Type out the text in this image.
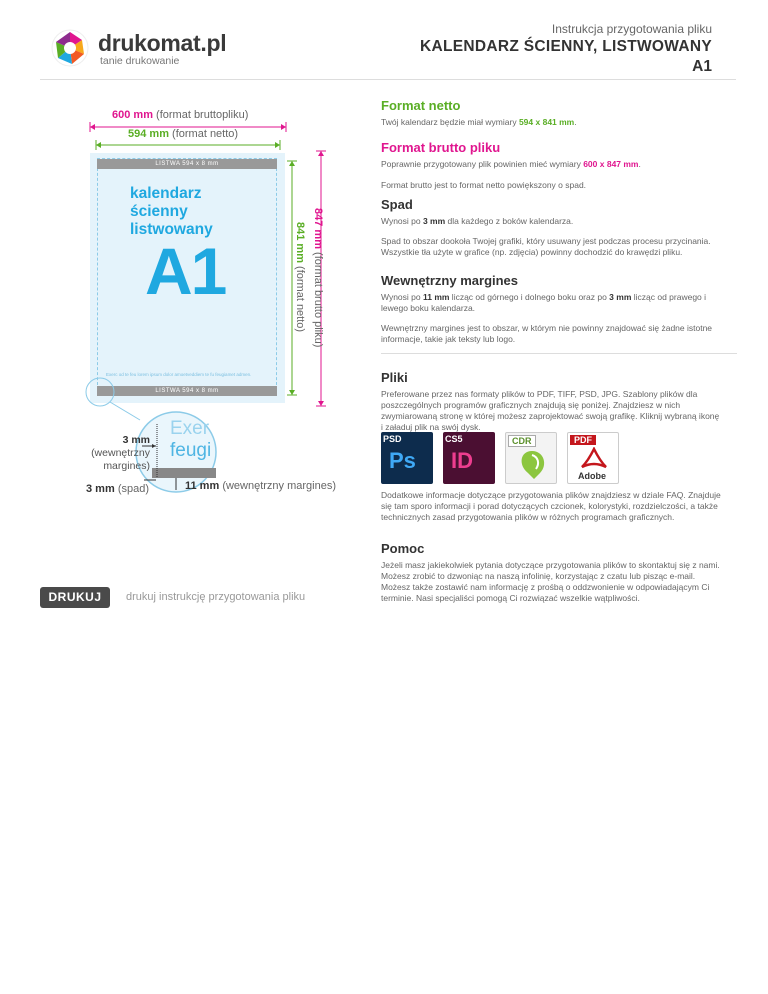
drukomat.pl
tanie drukowanie
Instrukcja przygotowania pliku
KALENDARZ ŚCIENNY, LISTWOWANY
A1
600 mm (format bruttopliku)
594 mm (format netto)
LISTWA 594 x 8 mm
LISTWA 594 x 8 mm
kalendarz
ścienny
listwowany
A1
Exerc od te feu lorem ipsum dolor amoetveddiem te fu feugiamet admen.
841 mm (format netto)
847 mm (format brutto pliku)
Exer
feugi
3 mm
(wewnętrzny
margines)
3 mm (spad)	11 mm (wewnętrzny margines)
Format netto
Twój kalendarz będzie miał wymiary 594 x 841 mm.
Format brutto pliku
Poprawnie przygotowany plik powinien mieć wymiary 600 x 847 mm.
Format brutto jest to format netto powiększony o spad.
Spad
Wynosi po 3 mm dla każdego z boków kalendarza.
Spad to obszar dookoła Twojej grafiki, który usuwany jest podczas procesu przycinania. Wszystkie tła użyte w grafice (np. zdjęcia) powinny dochodzić do krawędzi pliku.
Wewnętrzny margines
Wynosi po 11 mm licząc od górnego i dolnego boku oraz po 3 mm licząc od prawego i lewego boku kalendarza.
Wewnętrzny margines jest to obszar, w którym nie powinny znajdować się żadne istotne informacje, takie jak teksty lub logo.
Pliki
Preferowane przez nas formaty plików to PDF, TIFF, PSD, JPG. Szablony plików dla poszczególnych programów graficznych znajdują się poniżej. Znajdziesz w nich zwymiarowaną stronę w której możesz zaprojektować swoją grafikę. Kliknij wybraną ikonę i załaduj plik na swój dysk.
PSD
Ps
CS5
ID
CDR	PDF
Adobe
Dodatkowe informacje dotyczące przygotowania plików znajdziesz w dziale FAQ. Znajduje się tam sporo informacji i porad dotyczących czcionek, kolorystyki, rozdzielczości, a także technicznych zasad przygotowania plików w różnych programach graficznych.
Pomoc
Jeżeli masz jakiekolwiek pytania dotyczące przygotowania plików to skontaktuj się z nami. Możesz zrobić to dzwoniąc na naszą infolinię, korzystając z czatu lub pisząc e-mail. Możesz także zostawić nam informację z prośbą o oddzwonienie w odpowiadającym Ci terminie. Nasi specjaliści pomogą Ci rozwiązać wszelkie wątpliwości.
DRUKUJ	drukuj instrukcję przygotowania pliku
